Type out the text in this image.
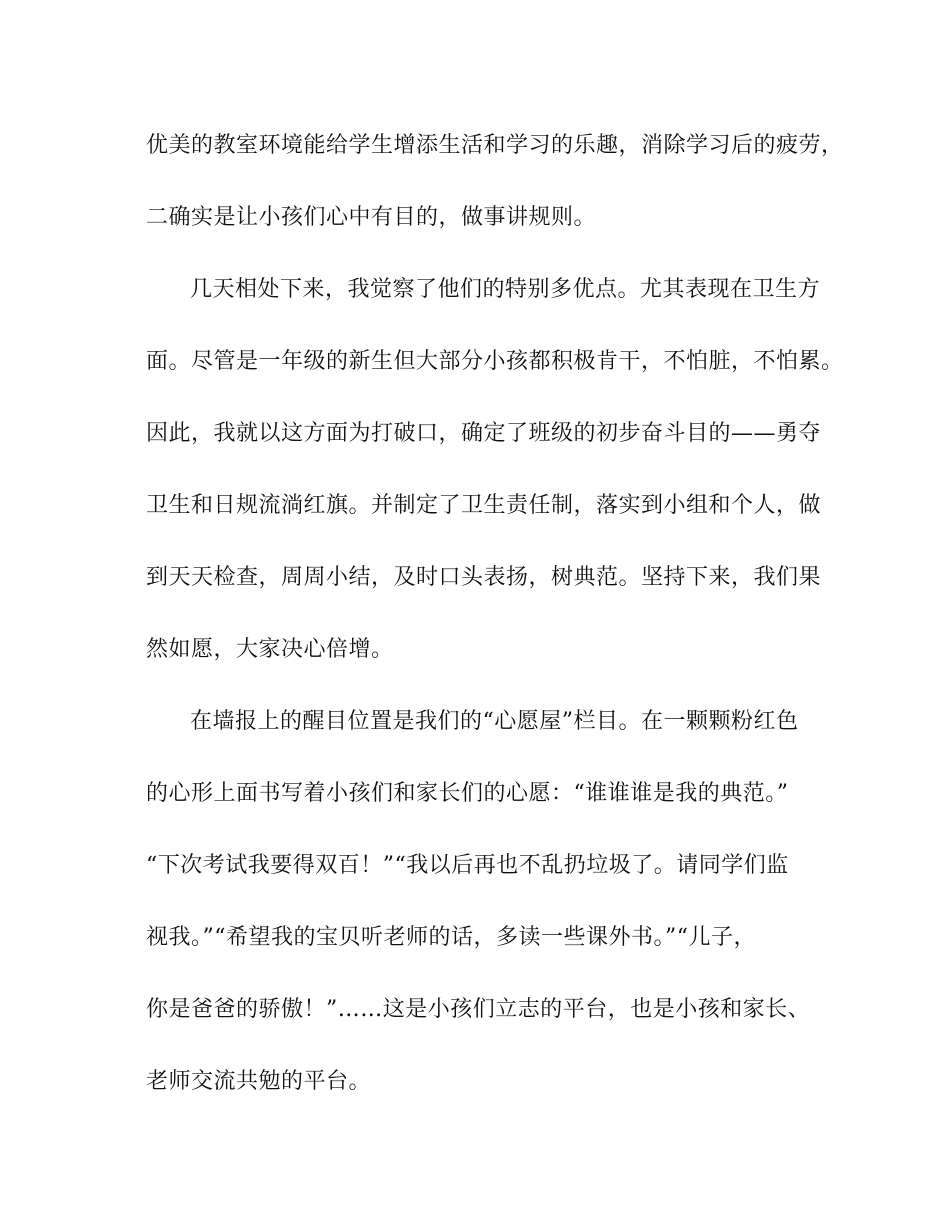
优美的教室环境能给学生增添生活和学习的乐趣，消除学习后的疲劳，
二确实是让小孩们心中有目的，做事讲规则。
几天相处下来，我觉察了他们的特别多优点。尤其表现在卫生方
面。尽管是一年级的新生但大部分小孩都积极肯干，不怕脏，不怕累。
因此，我就以这方面为打破口，确定了班级的初步奋斗目的——勇夺
卫生和日规流淌红旗。并制定了卫生责任制，落实到小组和个人，做
到天天检查，周周小结，及时口头表扬，树典范。坚持下来，我们果
然如愿，大家决心倍增。
在墙报上的醒目位置是我们的“心愿屋”栏目。在一颗颗粉红色
的心形上面书写着小孩们和家长们的心愿：“谁谁谁是我的典范。”
“下次考试我要得双百！”“我以后再也不乱扔垃圾了。请同学们监
视我。”“希望我的宝贝听老师的话，多读一些课外书。”“儿子，
你是爸爸的骄傲！”……这是小孩们立志的平台，也是小孩和家长、
老师交流共勉的平台。
